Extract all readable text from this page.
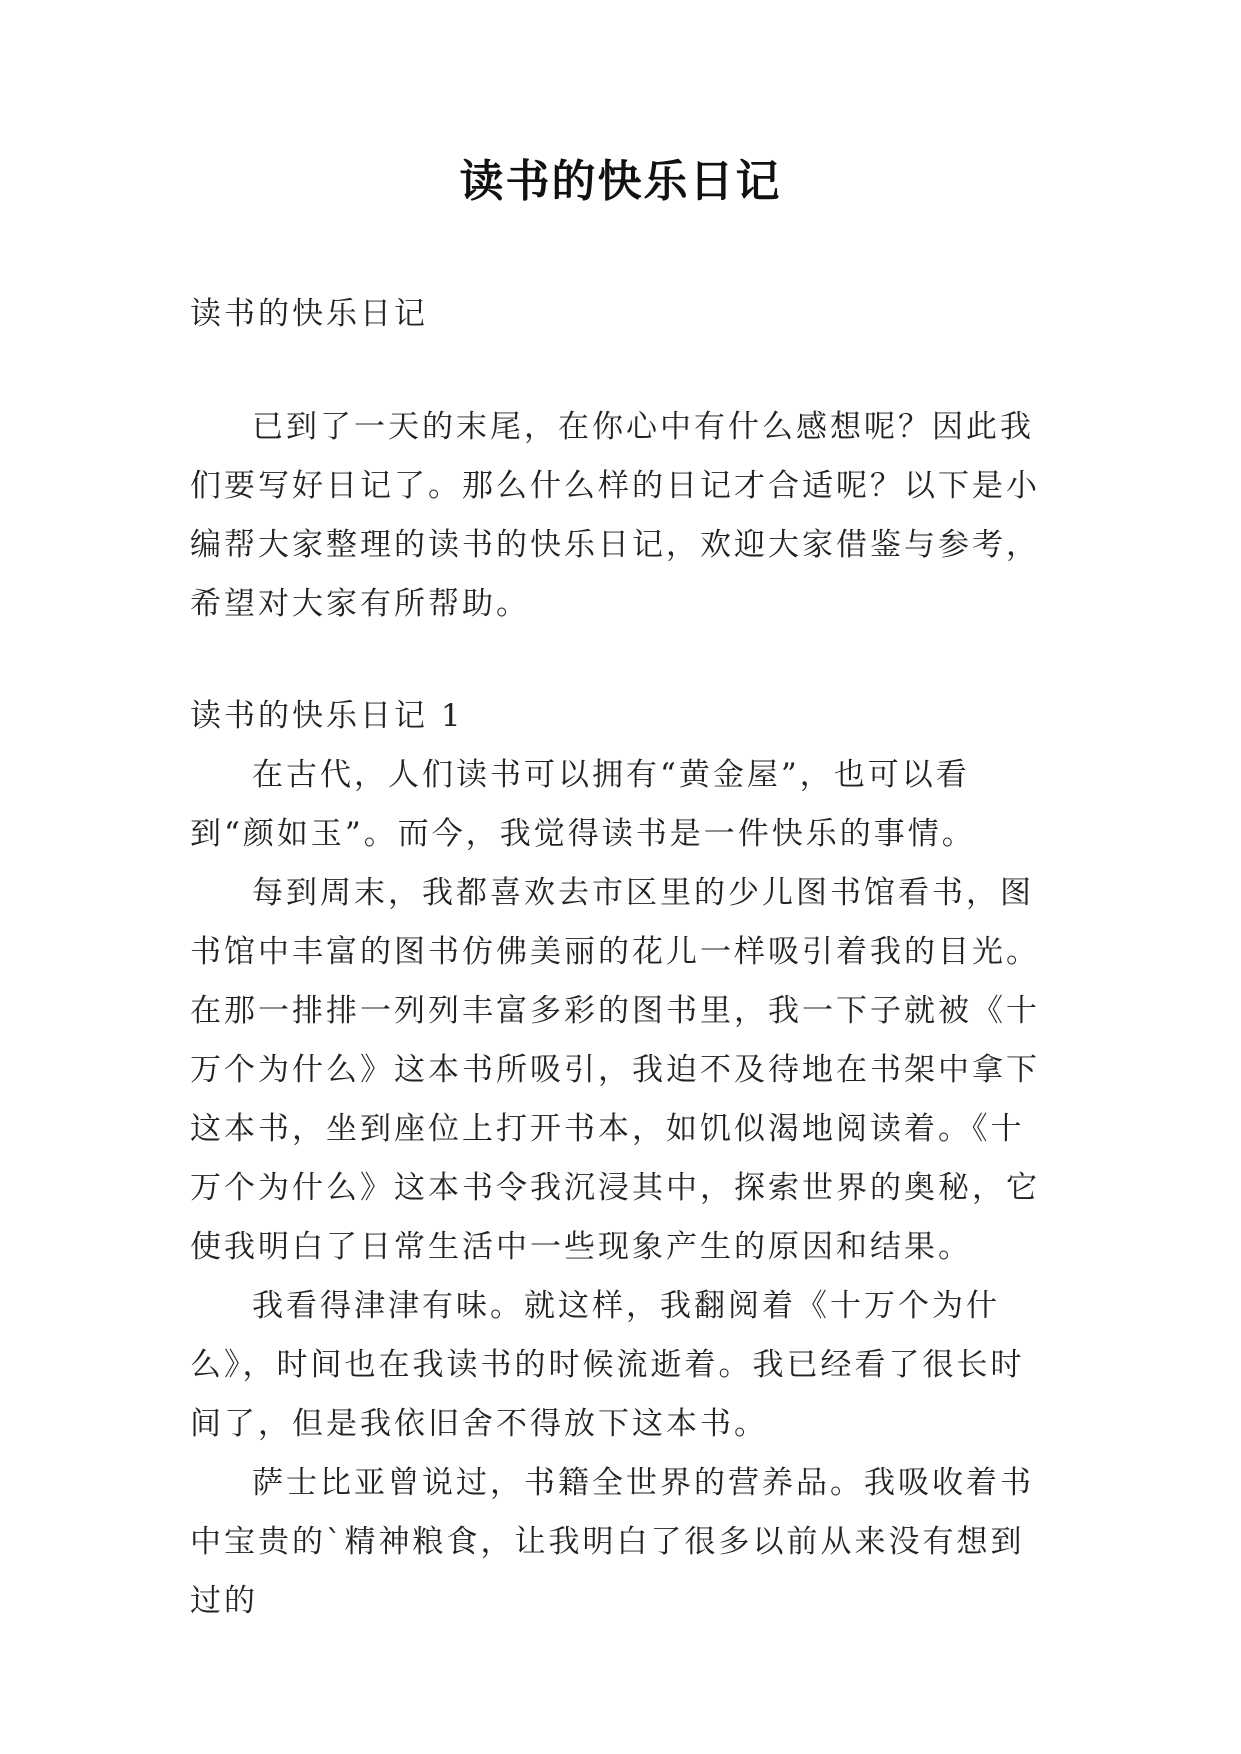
读书的快乐日记

读书的快乐日记

已到了一天的末尾，在你心中有什么感想呢？因此我们要写好日记了。那么什么样的日记才合适呢？以下是小编帮大家整理的读书的快乐日记，欢迎大家借鉴与参考，希望对大家有所帮助。

读书的快乐日记 1

在古代，人们读书可以拥有“黄金屋”，也可以看到“颜如玉”。而今，我觉得读书是一件快乐的事情。

每到周末，我都喜欢去市区里的少儿图书馆看书，图书馆中丰富的图书仿佛美丽的花儿一样吸引着我的目光。在那一排排一列列丰富多彩的图书里，我一下子就被《十万个为什么》这本书所吸引，我迫不及待地在书架中拿下这本书，坐到座位上打开书本，如饥似渴地阅读着。《十万个为什么》这本书令我沉浸其中，探索世界的奥秘，它使我明白了日常生活中一些现象产生的原因和结果。

我看得津津有味。就这样，我翻阅着《十万个为什么》，时间也在我读书的时候流逝着。我已经看了很长时间了，但是我依旧舍不得放下这本书。

萨士比亚曾说过，书籍全世界的营养品。我吸收着书中宝贵的`精神粮食，让我明白了很多以前从来没有想到过的
